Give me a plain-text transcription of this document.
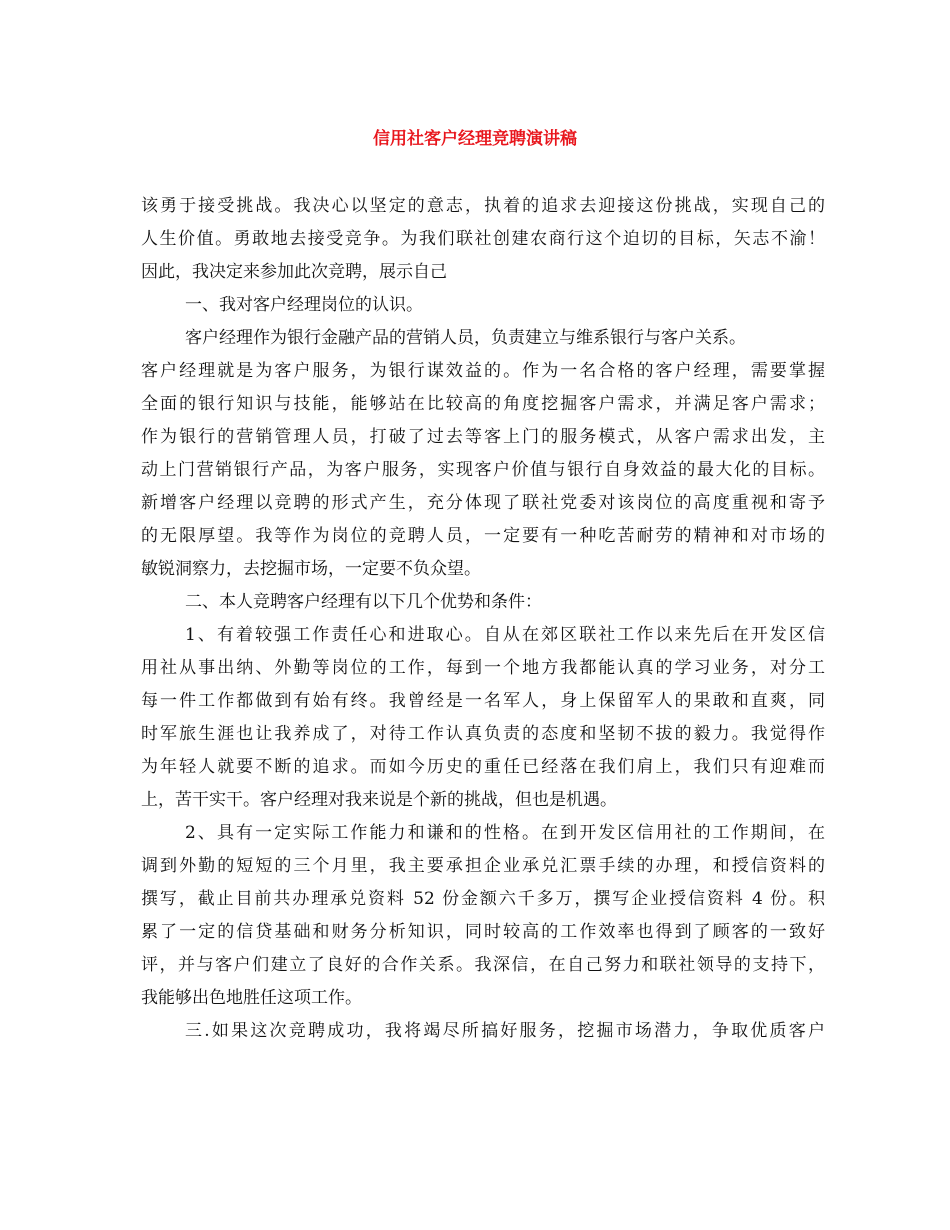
信用社客户经理竞聘演讲稿
该勇于接受挑战。我决心以坚定的意志，执着的追求去迎接这份挑战，实现自己的
人生价值。勇敢地去接受竞争。为我们联社创建农商行这个迫切的目标，矢志不渝！
因此，我决定来参加此次竞聘，展示自己
一、我对客户经理岗位的认识。
客户经理作为银行金融产品的营销人员，负责建立与维系银行与客户关系。
客户经理就是为客户服务，为银行谋效益的。作为一名合格的客户经理，需要掌握
全面的银行知识与技能，能够站在比较高的角度挖掘客户需求，并满足客户需求；
作为银行的营销管理人员，打破了过去等客上门的服务模式，从客户需求出发，主
动上门营销银行产品，为客户服务，实现客户价值与银行自身效益的最大化的目标。
新增客户经理以竞聘的形式产生，充分体现了联社党委对该岗位的高度重视和寄予
的无限厚望。我等作为岗位的竞聘人员，一定要有一种吃苦耐劳的精神和对市场的
敏锐洞察力，去挖掘市场，一定要不负众望。
二、本人竞聘客户经理有以下几个优势和条件：
1、有着较强工作责任心和进取心。自从在郊区联社工作以来先后在开发区信
用社从事出纳、外勤等岗位的工作，每到一个地方我都能认真的学习业务，对分工
每一件工作都做到有始有终。我曾经是一名军人，身上保留军人的果敢和直爽，同
时军旅生涯也让我养成了，对待工作认真负责的态度和坚韧不拔的毅力。我觉得作
为年轻人就要不断的追求。而如今历史的重任已经落在我们肩上，我们只有迎难而
上，苦干实干。客户经理对我来说是个新的挑战，但也是机遇。
2、具有一定实际工作能力和谦和的性格。在到开发区信用社的工作期间，在
调到外勤的短短的三个月里，我主要承担企业承兑汇票手续的办理，和授信资料的
撰写，截止目前共办理承兑资料 52 份金额六千多万，撰写企业授信资料 4 份。积
累了一定的信贷基础和财务分析知识，同时较高的工作效率也得到了顾客的一致好
评，并与客户们建立了良好的合作关系。我深信，在自己努力和联社领导的支持下，
我能够出色地胜任这项工作。
三.如果这次竞聘成功，我将竭尽所搞好服务，挖掘市场潜力，争取优质客户
